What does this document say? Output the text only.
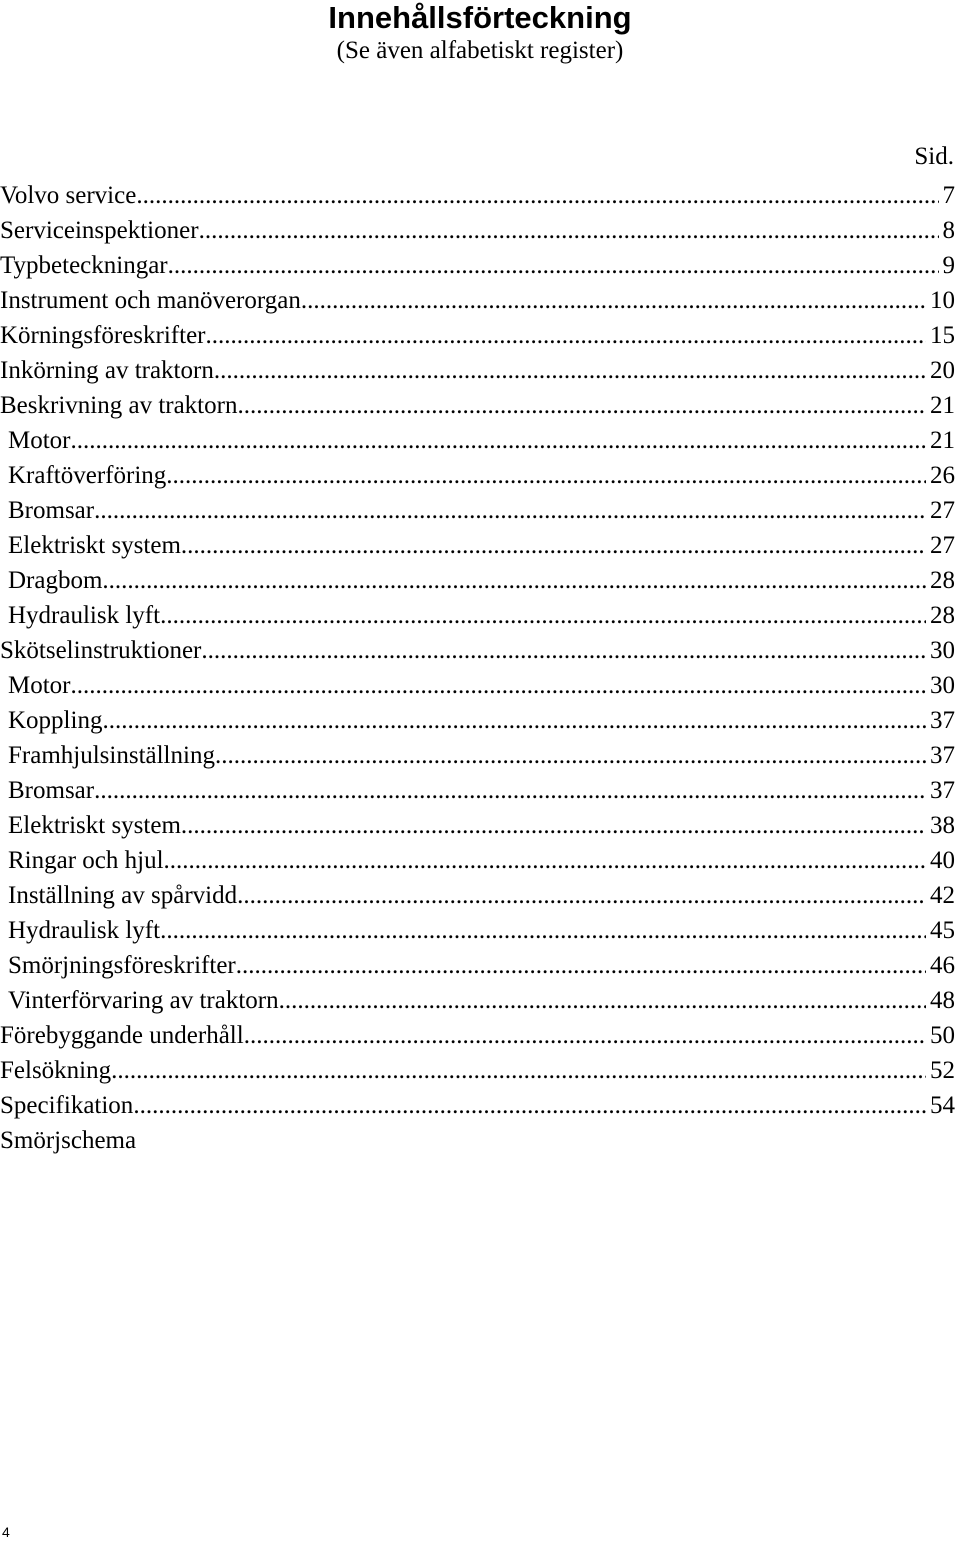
Innehållsförteckning
(Se även alfabetiskt register)
Sid.
Volvo service .....	7
Serviceinspektioner .....	8
Typbeteckningar .....	9
Instrument och manöverorgan .....	10
Körningsföreskrifter .....	15
Inkörning av traktorn .....	20
Beskrivning av traktorn .....	21
Motor .....	21
Kraftöverföring .....	26
Bromsar .....	27
Elektriskt system .....	27
Dragbom .....	28
Hydraulisk lyft .....	28
Skötselinstruktioner .....	30
Motor .....	30
Koppling .....	37
Framhjulsinställning .....	37
Bromsar .....	37
Elektriskt system .....	38
Ringar och hjul .....	40
Inställning av spårvidd .....	42
Hydraulisk lyft .....	45
Smörjningsföreskrifter .....	46
Vinterförvaring av traktorn .....	48
Förebyggande underhåll .....	50
Felsökning .....	52
Specifikation .....	54
Smörjschema
4
